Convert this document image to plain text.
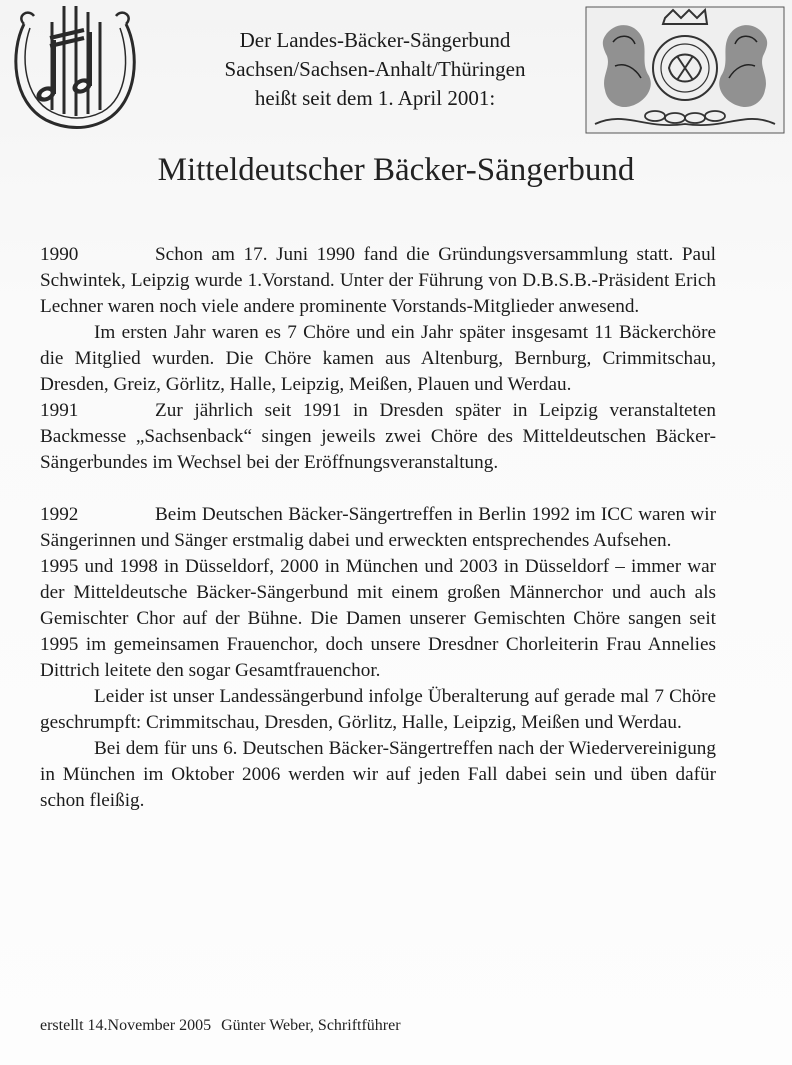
Der Landes-Bäcker-Sängerbund
Sachsen/Sachsen-Anhalt/Thüringen
heißt seit dem 1. April 2001:
Mitteldeutscher Bäcker-Sängerbund

1990	Schon am 17. Juni 1990 fand die Gründungsversammlung statt. Paul Schwintek, Leipzig wurde 1.Vorstand. Unter der Führung von D.B.S.B.-Präsident Erich Lechner waren noch viele andere prominente Vorstands-Mitglieder anwesend.

Im ersten Jahr waren es 7 Chöre und ein Jahr später insgesamt 11 Bäckerchöre die Mitglied wurden. Die Chöre kamen aus Altenburg, Bernburg, Crimmitschau, Dresden, Greiz, Görlitz, Halle, Leipzig, Meißen, Plauen und Werdau.

1991	Zur jährlich seit 1991 in Dresden später in Leipzig veranstalteten Backmesse „Sachsenback“ singen jeweils zwei Chöre des Mitteldeutschen Bäcker-Sängerbundes im Wechsel bei der Eröffnungsveranstaltung.

1992	Beim Deutschen Bäcker-Sängertreffen in Berlin 1992 im ICC waren wir Sängerinnen und Sänger erstmalig dabei und erweckten entsprechendes Aufsehen.

1995 und 1998 in Düsseldorf, 2000 in München und 2003 in Düsseldorf – immer war der Mitteldeutsche Bäcker-Sängerbund mit einem großen Männerchor und auch als Gemischter Chor auf der Bühne. Die Damen unserer Gemischten Chöre sangen seit 1995 im gemeinsamen Frauenchor, doch unsere Dresdner Chorleiterin Frau Annelies Dittrich leitete den sogar Gesamtfrauenchor.

Leider ist unser Landessängerbund infolge Überalterung auf gerade mal 7 Chöre geschrumpft: Crimmitschau, Dresden, Görlitz, Halle, Leipzig, Meißen und Werdau.

Bei dem für uns 6. Deutschen Bäcker-Sängertreffen nach der Wiedervereinigung in München im Oktober 2006 werden wir auf jeden Fall dabei sein und üben dafür schon fleißig.

erstellt 14.November 2005 Günter Weber, Schriftführer
